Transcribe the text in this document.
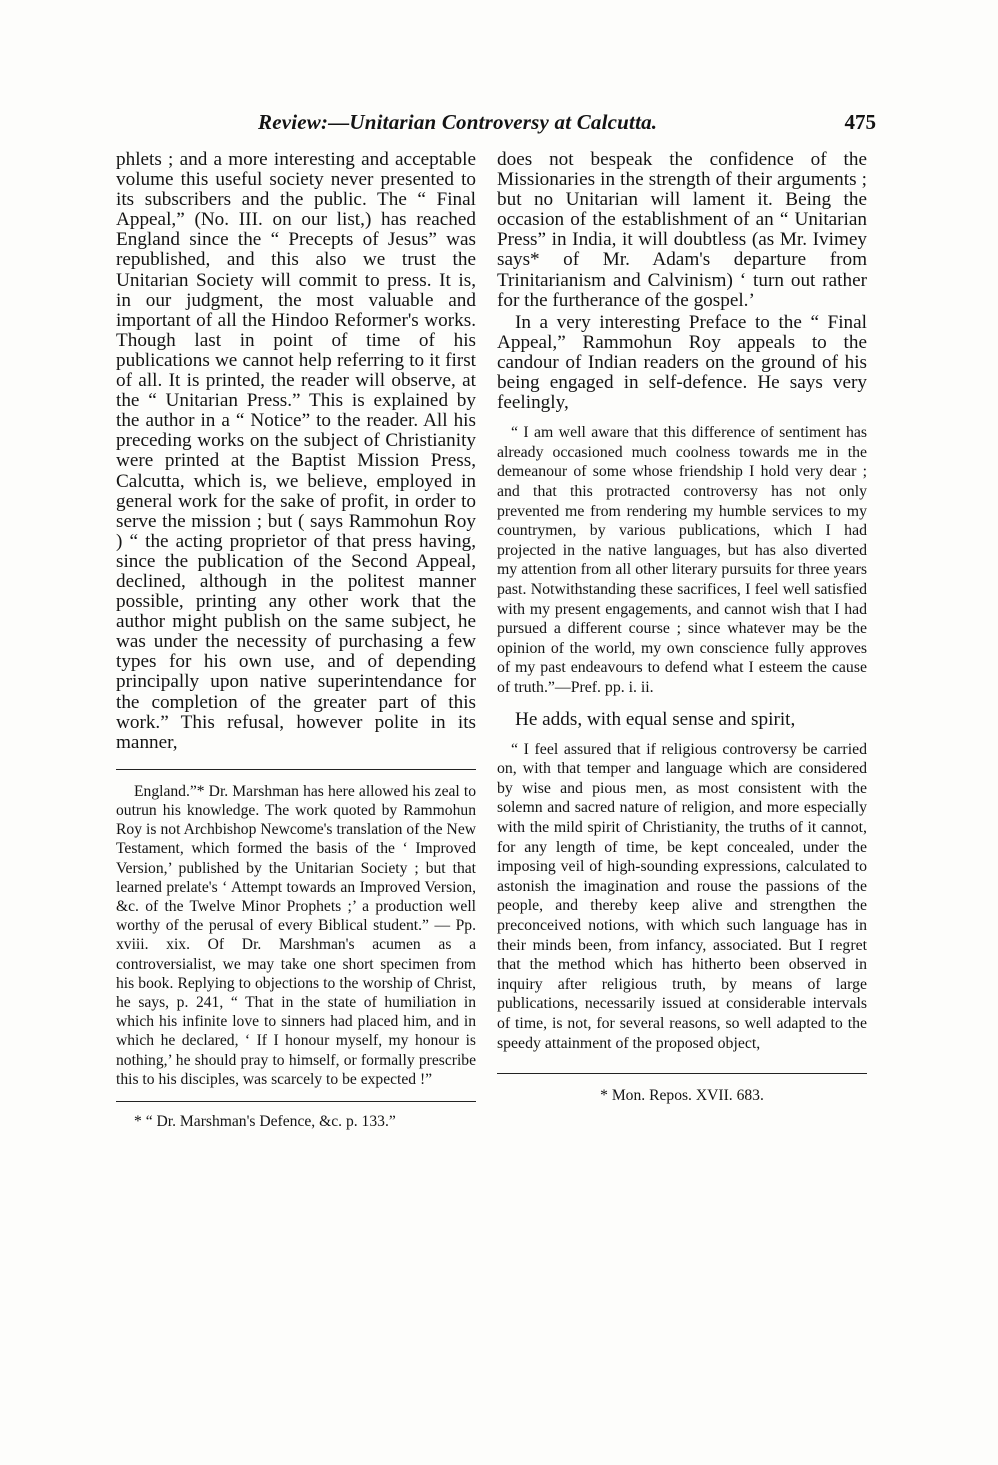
Review:—Unitarian Controversy at Calcutta.	475

phlets ; and a more interesting and acceptable volume this useful society never presented to its subscribers and the public. The “ Final Appeal,” (No. III. on our list,) has reached England since the “ Precepts of Jesus” was republished, and this also we trust the Unitarian Society will commit to press. It is, in our judgment, the most valuable and important of all the Hindoo Reformer's works. Though last in point of time of his publications we cannot help referring to it first of all. It is printed, the reader will observe, at the “ Unitarian Press.” This is explained by the author in a “ Notice” to the reader. All his preceding works on the subject of Christianity were printed at the Baptist Mission Press, Calcutta, which is, we believe, employed in general work for the sake of profit, in order to serve the mission ; but ( says Rammohun Roy ) “ the acting proprietor of that press having, since the publication of the Second Appeal, declined, although in the politest manner possible, printing any other work that the author might publish on the same subject, he was under the necessity of purchasing a few types for his own use, and of depending principally upon native superintendance for the completion of the greater part of this work.” This refusal, however polite in its manner,

England.”* Dr. Marshman has here allowed his zeal to outrun his knowledge. The work quoted by Rammohun Roy is not Archbishop Newcome's translation of the New Testament, which formed the basis of the ‘ Improved Version,’ published by the Unitarian Society ; but that learned prelate's ‘ Attempt towards an Improved Version, &c. of the Twelve Minor Prophets ;’ a production well worthy of the perusal of every Biblical student.” — Pp. xviii. xix. Of Dr. Marshman's acumen as a controversialist, we may take one short specimen from his book. Replying to objections to the worship of Christ, he says, p. 241, “ That in the state of humiliation in which his infinite love to sinners had placed him, and in which he declared, ‘ If I honour myself, my honour is nothing,’ he should pray to himself, or formally prescribe this to his disciples, was scarcely to be expected !”

* “ Dr. Marshman's Defence, &c. p. 133.”

does not bespeak the confidence of the Missionaries in the strength of their arguments ; but no Unitarian will lament it. Being the occasion of the establishment of an “ Unitarian Press” in India, it will doubtless (as Mr. Ivimey says* of Mr. Adam's departure from Trinitarianism and Calvinism) ‘ turn out rather for the furtherance of the gospel.’

In a very interesting Preface to the “ Final Appeal,” Rammohun Roy appeals to the candour of Indian readers on the ground of his being engaged in self-defence. He says very feelingly,

“ I am well aware that this difference of sentiment has already occasioned much coolness towards me in the demeanour of some whose friendship I hold very dear ; and that this protracted controversy has not only prevented me from rendering my humble services to my countrymen, by various publications, which I had projected in the native languages, but has also diverted my attention from all other literary pursuits for three years past. Notwithstanding these sacrifices, I feel well satisfied with my present engagements, and cannot wish that I had pursued a different course ; since whatever may be the opinion of the world, my own conscience fully approves of my past endeavours to defend what I esteem the cause of truth.”—Pref. pp. i. ii.

He adds, with equal sense and spirit,

“ I feel assured that if religious controversy be carried on, with that temper and language which are considered by wise and pious men, as most consistent with the solemn and sacred nature of religion, and more especially with the mild spirit of Christianity, the truths of it cannot, for any length of time, be kept concealed, under the imposing veil of high-sounding expressions, calculated to astonish the imagination and rouse the passions of the people, and thereby keep alive and strengthen the preconceived notions, with which such language has in their minds been, from infancy, associated. But I regret that the method which has hitherto been observed in inquiry after religious truth, by means of large publications, necessarily issued at considerable intervals of time, is not, for several reasons, so well adapted to the speedy attainment of the proposed object,

* Mon. Repos. XVII. 683.
